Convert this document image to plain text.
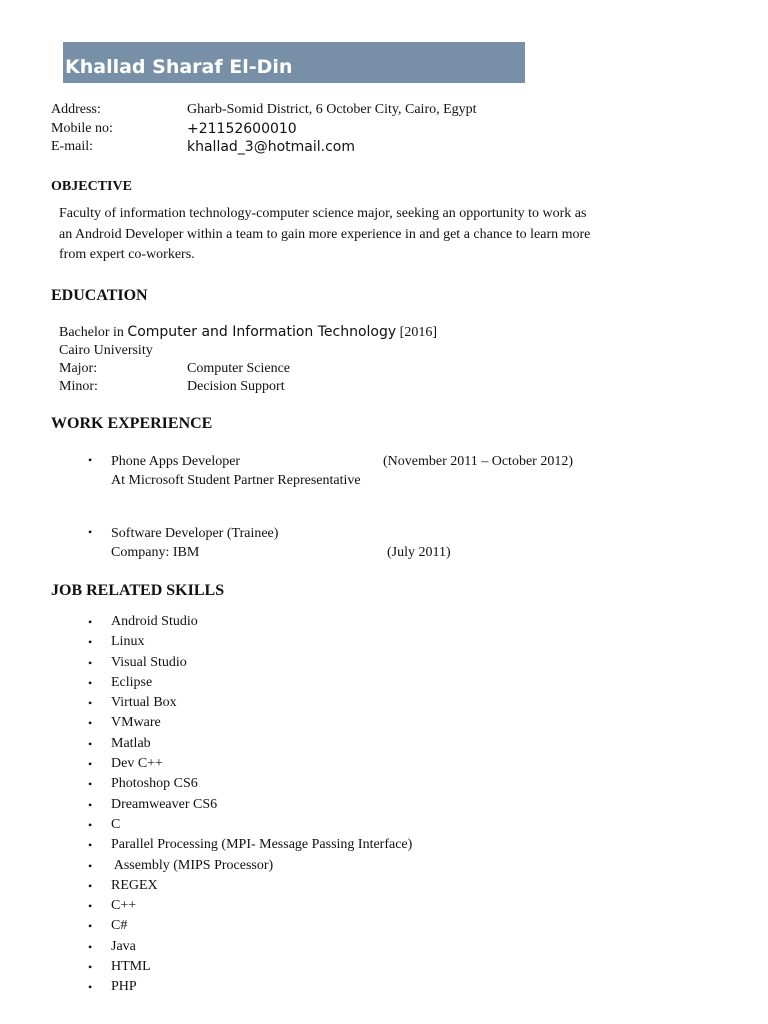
Khallad Sharaf El-Din
Address:	Gharb-Somid District, 6 October City, Cairo, Egypt
Mobile no:	+21152600010
E-mail:	khallad_3@hotmail.com
OBJECTIVE
Faculty of information technology-computer science major, seeking an opportunity to work as an Android Developer within a team to gain more experience in and get a chance to learn more from expert co-workers.
EDUCATION
Bachelor in Computer and Information Technology [2016]
Cairo University
Major:	Computer Science
Minor:	Decision Support
WORK EXPERIENCE
• Phone Apps Developer	(November 2011 – October 2012)
At Microsoft Student Partner Representative
• Software Developer (Trainee)
Company: IBM	(July 2011)
JOB RELATED SKILLS
• Android Studio
• Linux
• Visual Studio
• Eclipse
• Virtual Box
• VMware
• Matlab
• Dev C++
• Photoshop CS6
• Dreamweaver CS6
• C
• Parallel Processing (MPI- Message Passing Interface)
• Assembly (MIPS Processor)
• REGEX
• C++
• C#
• Java
• HTML
• PHP
